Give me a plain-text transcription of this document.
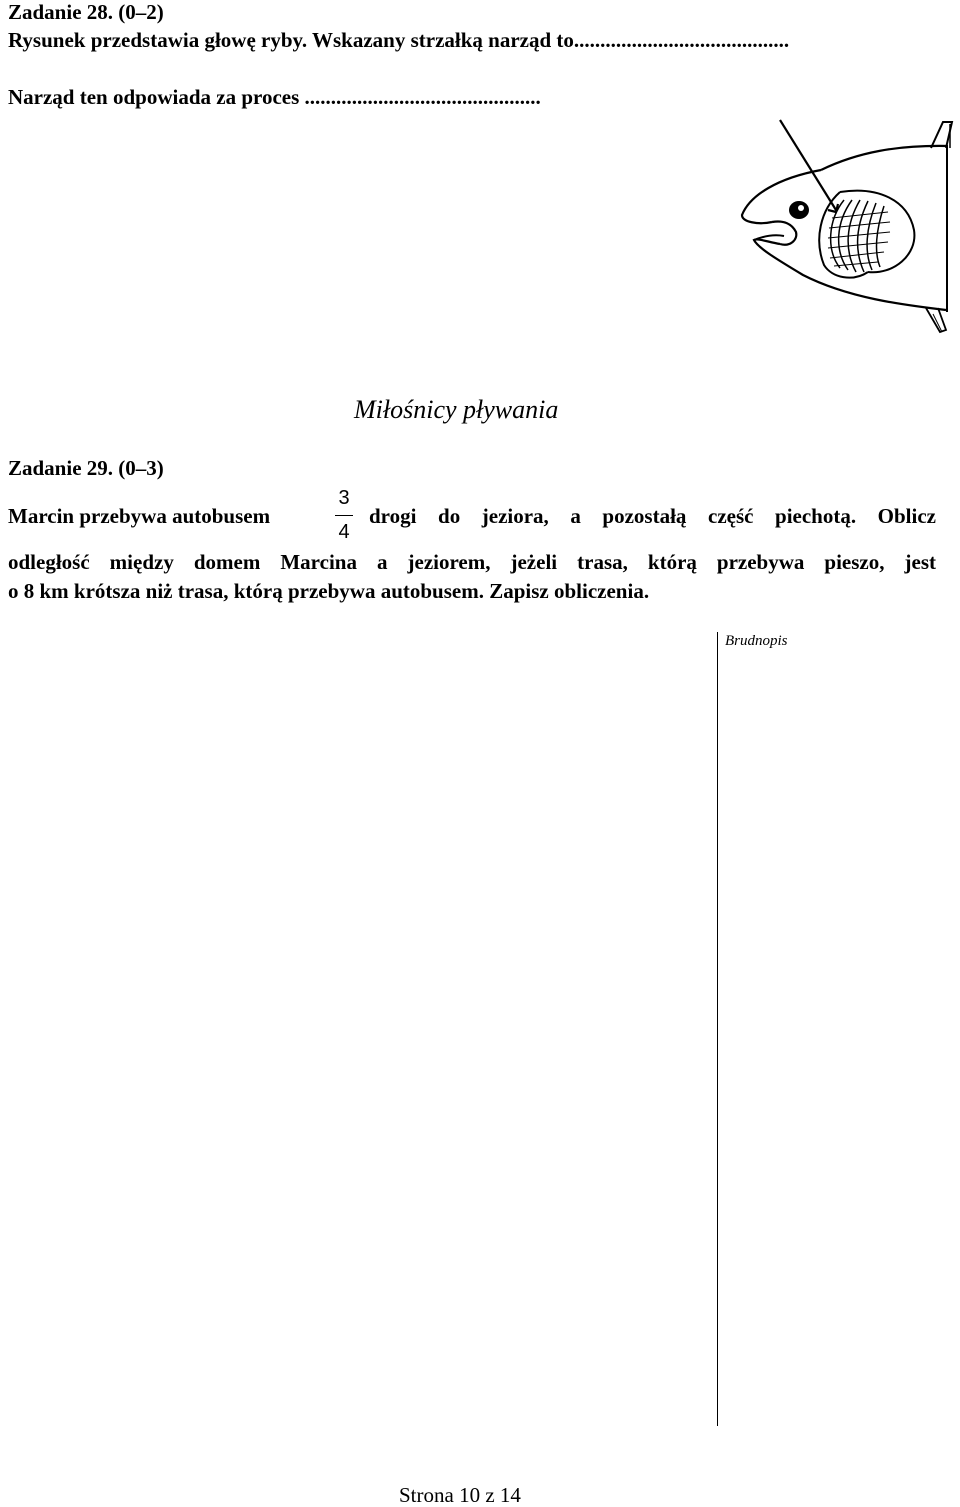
Zadanie 28. (0–2)
Rysunek przedstawia głowę ryby. Wskazany strzałką narząd to.........................................
Narząd ten odpowiada za proces .............................................
Miłośnicy pływania
Zadanie 29. (0–3)
Marcin przebywa autobusem
3
4
drogi do jeziora, a pozostałą część piechotą. Oblicz
odległość między domem Marcina a jeziorem, jeżeli trasa, którą przebywa pieszo, jest
o 8 km krótsza niż trasa, którą przebywa autobusem. Zapisz obliczenia.
Brudnopis
Strona 10 z 14
